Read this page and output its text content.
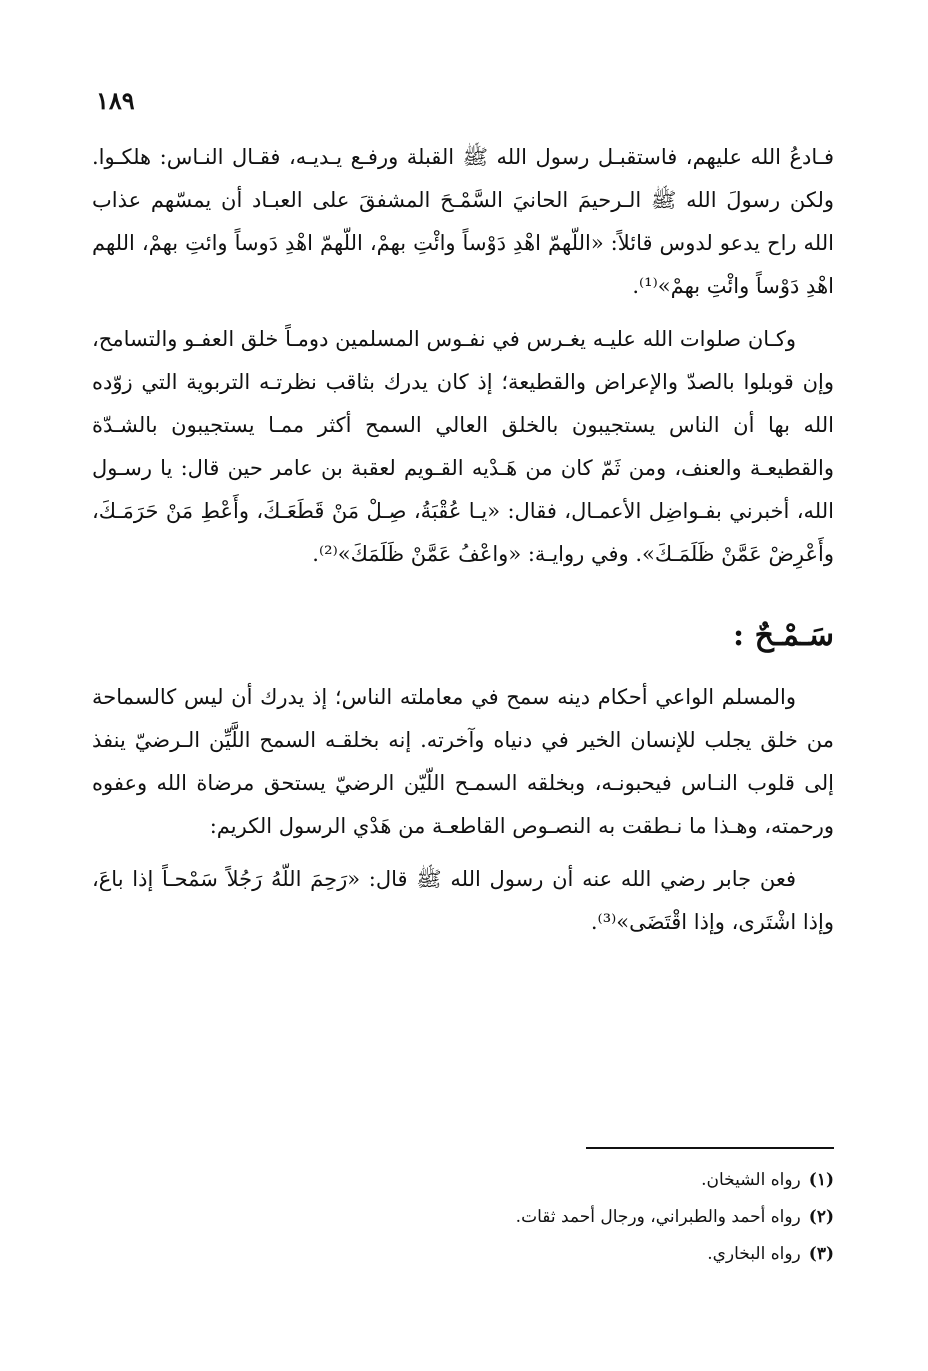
١٨٩

فـادعُ الله عليهم، فاستقبـل رسول الله ﷺ القبلة ورفـع يـديـه، فقـال النـاس: هلكـوا. ولكن رسولَ الله ﷺ الـرحيمَ الحانيَ السَّمْـحَ المشفقَ على العبـاد أن يمسّهم عذاب الله راح يدعو لدوس قائلاً: «اللّهمّ اهْدِ دَوْساً وائْتِ بهمْ، اللّهمّ اهْدِ دَوساً وائتِ بهمْ، اللهم اهْدِ دَوْساً وائْتِ بهمْ»⁽¹⁾.

وكـان صلوات الله عليـه يغـرس في نفـوس المسلمين دومـاً خلق العفـو والتسامح، وإن قوبلوا بالصدّ والإعراض والقطيعة؛ إذ كان يدرك بثاقب نظرتـه التربوية التي زوّده الله بها أن الناس يستجيبون بالخلق العالي السمح أكثر ممـا يستجيبون بالشـدّة والقطيعـة والعنف، ومن ثَمّ كان من هَـدْيه القـويم لعقبة بن عامر حين قال: يا رسـول الله، أخبرني بفـواضِل الأعمـال، فقال: «يـا عُقْبَةُ، صِـلْ مَنْ قَطَعَـكَ، وأَعْطِ مَنْ حَرَمَـكَ، وأَعْرِضْ عَمَّنْ ظَلَمَـكَ». وفي روايـة: «واعْفُ عَمَّنْ ظَلَمَكَ»⁽²⁾.

سَـمْـحٌ :

والمسلم الواعي أحكام دينه سمح في معاملته الناس؛ إذ يدرك أن ليس كالسماحة من خلق يجلب للإنسان الخير في دنياه وآخرته. إنه بخلقـه السمح اللَّيِّن الـرضيّ ينفذ إلى قلوب النـاس فيحبونـه، وبخلقه السمـح اللّيّن الرضيّ يستحق مرضاة الله وعفوه ورحمته، وهـذا ما نـطقت به النصـوص القاطعـة من هَدْي الرسول الكريم:

فعن جابر رضي الله عنه أن رسول الله ﷺ قال: «رَحِمَ اللّهُ رَجُلاً سَمْحـاً إذا باعَ، وإذا اشْتَرى، وإذا اقْتَضَى»⁽³⁾.

(١)رواه الشيخان.
(٢)رواه أحمد والطبراني، ورجال أحمد ثقات.
(٣)رواه البخاري.
